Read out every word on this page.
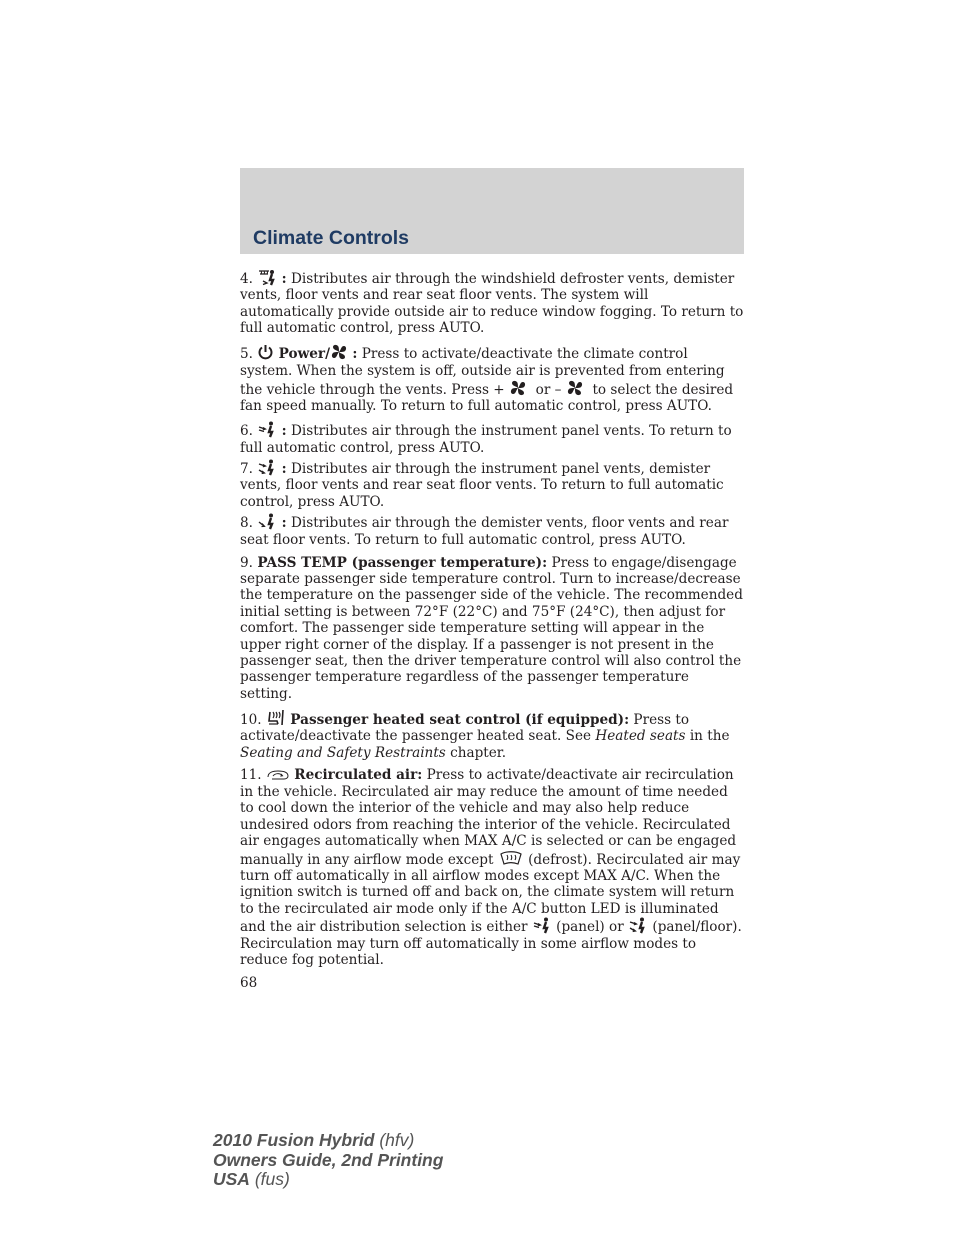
Climate Controls

4. : Distributes air through the windshield defroster vents, demister vents, floor vents and rear seat floor vents. The system will automatically provide outside air to reduce window fogging. To return to full automatic control, press AUTO.

5. Power/ : Press to activate/deactivate the climate control system. When the system is off, outside air is prevented from entering the vehicle through the vents. Press + or – to select the desired fan speed manually. To return to full automatic control, press AUTO.

6. : Distributes air through the instrument panel vents. To return to full automatic control, press AUTO.

7. : Distributes air through the instrument panel vents, demister vents, floor vents and rear seat floor vents. To return to full automatic control, press AUTO.

8. : Distributes air through the demister vents, floor vents and rear seat floor vents. To return to full automatic control, press AUTO.

9. PASS TEMP (passenger temperature): Press to engage/disengage separate passenger side temperature control. Turn to increase/decrease the temperature on the passenger side of the vehicle. The recommended initial setting is between 72°F (22°C) and 75°F (24°C), then adjust for comfort. The passenger side temperature setting will appear in the upper right corner of the display. If a passenger is not present in the passenger seat, then the driver temperature control will also control the passenger temperature regardless of the passenger temperature setting.

10. Passenger heated seat control (if equipped): Press to activate/deactivate the passenger heated seat. See Heated seats in the Seating and Safety Restraints chapter.

11. Recirculated air: Press to activate/deactivate air recirculation in the vehicle. Recirculated air may reduce the amount of time needed to cool down the interior of the vehicle and may also help reduce undesired odors from reaching the interior of the vehicle. Recirculated air engages automatically when MAX A/C is selected or can be engaged manually in any airflow mode except	(defrost). Recirculated air may turn off automatically in all airflow modes except MAX A/C. When the ignition switch is turned off and back on, the climate system will return to the recirculated air mode only if the A/C button LED is illuminated and the air distribution selection is either (panel) or (panel/floor). Recirculation may turn off automatically in some airflow modes to reduce fog potential.

68
2010 Fusion Hybrid (hfv)
Owners Guide, 2nd Printing
USA (fus)
